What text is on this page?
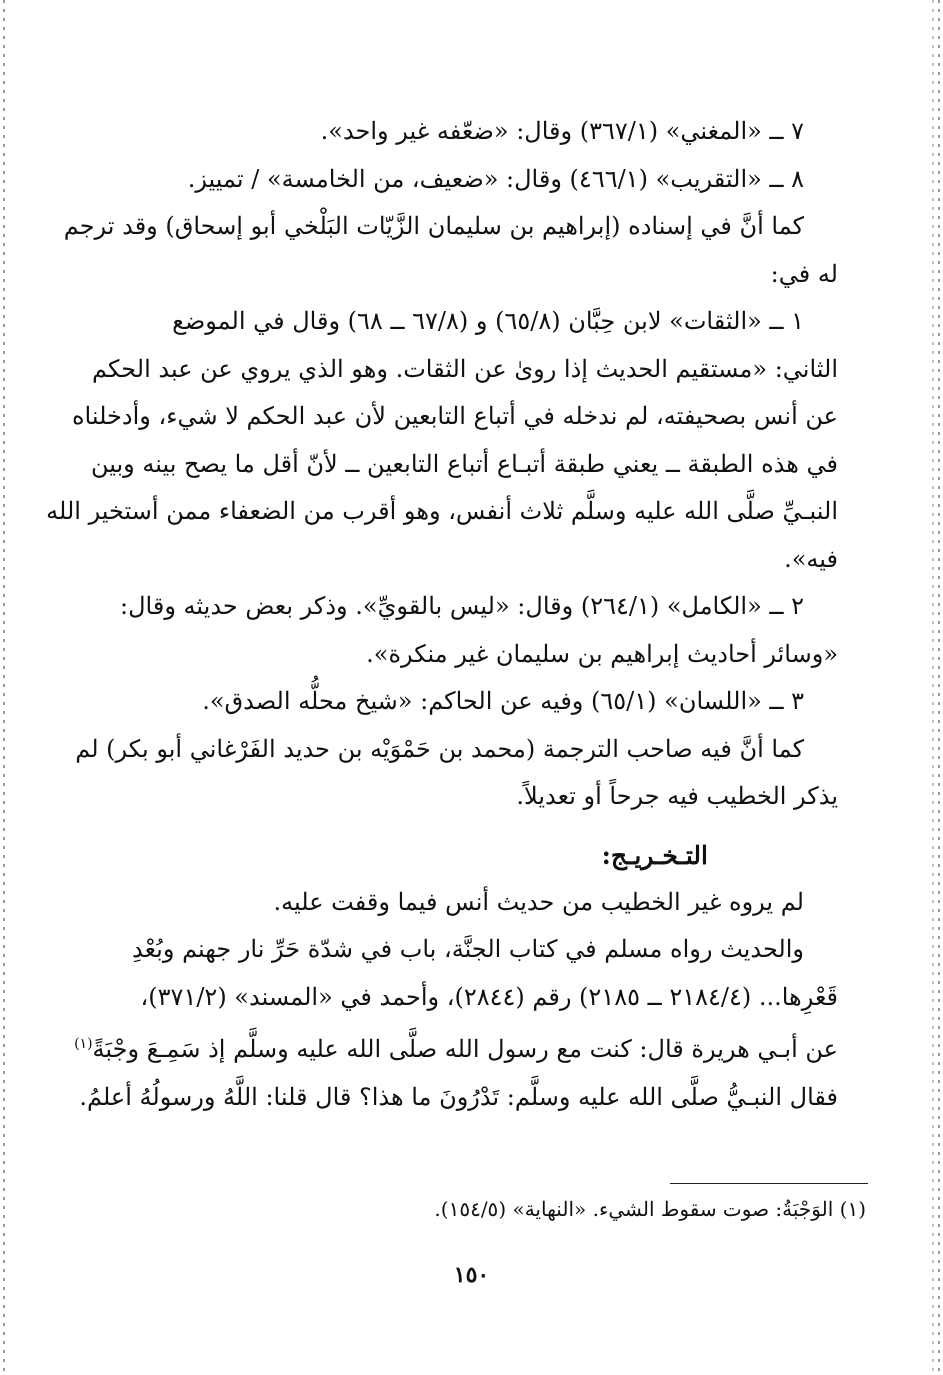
٧ ــ «المغني» (٣٦٧/١) وقال: «ضعّفه غير واحد».
٨ ــ «التقريب» (٤٦٦/١) وقال: «ضعيف، من الخامسة» / تمييز.
كما أنَّ في إسناده (إبراهيم بن سليمان الزَّيّات البَلْخي أبو إسحاق) وقد ترجم
له في:
١ ــ «الثقات» لابن حِبَّان (٦٥/٨) و (٦٧/٨ ــ ٦٨) وقال في الموضع
الثاني: «مستقيم الحديث إذا روىٰ عن الثقات. وهو الذي يروي عن عبد الحكم
عن أنس بصحيفته، لم ندخله في أتباع التابعين لأن عبد الحكم لا شيء، وأدخلناه
في هذه الطبقة ــ يعني طبقة أتبـاع أتباع التابعين ــ لأنّ أقل ما يصح بينه وبين
النبـيِّ صلَّى الله عليه وسلَّم ثلاث أنفس، وهو أقرب من الضعفاء ممن أستخير الله
فيه».
٢ ــ «الكامل» (٢٦٤/١) وقال: «ليس بالقويِّ». وذكر بعض حديثه وقال:
«وسائر أحاديث إبراهيم بن سليمان غير منكرة».
٣ ــ «اللسان» (٦٥/١) وفيه عن الحاكم: «شيخ محلُّه الصدق».
كما أنَّ فيه صاحب الترجمة (محمد بن حَمْوَيْه بن حديد الفَرْغاني أبو بكر) لم
يذكر الخطيب فيه جرحاً أو تعديلاً.
التـخـريـج:
لم يروه غير الخطيب من حديث أنس فيما وقفت عليه.
والحديث رواه مسلم في كتاب الجنَّة، باب في شدّة حَرِّ نار جهنم وبُعْدِ
قَعْرِها... (٢١٨٤/٤ ــ ٢١٨٥) رقم (٢٨٤٤)، وأحمد في «المسند» (٣٧١/٢)،
عن أبـي هريرة قال: كنت مع رسول الله صلَّى الله عليه وسلَّم إذ سَمِـعَ وجْبَةً$^{(١)}$
فقال النبـيُّ صلَّى الله عليه وسلَّم: تَدْرُونَ ما هذا؟ قال قلنا: اللَّهُ ورسولُهُ أعلمُ.
(١) الوَجْبَةُ: صوت سقوط الشيء. «النهاية» (١٥٤/٥).
١٥٠
